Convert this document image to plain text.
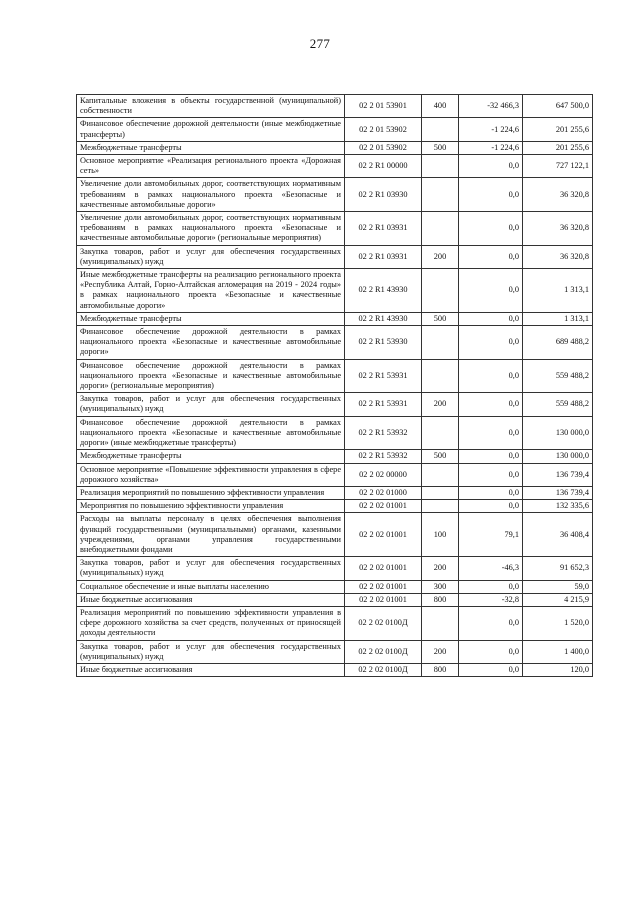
277
Капитальные вложения в объекты государственной (муниципальной) собственности	02 2 01 53901	400	-32 466,3	647 500,0
Финансовое обеспечение дорожной деятельности (иные межбюджетные трансферты)	02 2 01 53902		-1 224,6	201 255,6
Межбюджетные трансферты	02 2 01 53902	500	-1 224,6	201 255,6
Основное мероприятие «Реализация регионального проекта «Дорожная сеть»	02 2 R1 00000		0,0	727 122,1
Увеличение доли автомобильных дорог, соответствующих нормативным требованиям в рамках национального проекта «Безопасные и качественные автомобильные дороги»	02 2 R1 03930		0,0	36 320,8
Увеличение доли автомобильных дорог, соответствующих нормативным требованиям в рамках национального проекта «Безопасные и качественные автомобильные дороги» (региональные мероприятия)	02 2 R1 03931		0,0	36 320,8
Закупка товаров, работ и услуг для обеспечения государственных (муниципальных) нужд	02 2 R1 03931	200	0,0	36 320,8
Иные межбюджетные трансферты на реализацию регионального проекта «Республика Алтай, Горно-Алтайская агломерация на 2019 - 2024 годы» в рамках национального проекта «Безопасные и качественные автомобильные дороги»	02 2 R1 43930		0,0	1 313,1
Межбюджетные трансферты	02 2 R1 43930	500	0,0	1 313,1
Финансовое обеспечение дорожной деятельности в рамках национального проекта «Безопасные и качественные автомобильные дороги»	02 2 R1 53930		0,0	689 488,2
Финансовое обеспечение дорожной деятельности в рамках национального проекта «Безопасные и качественные автомобильные дороги» (региональные мероприятия)	02 2 R1 53931		0,0	559 488,2
Закупка товаров, работ и услуг для обеспечения государственных (муниципальных) нужд	02 2 R1 53931	200	0,0	559 488,2
Финансовое обеспечение дорожной деятельности в рамках национального проекта «Безопасные и качественные автомобильные дороги» (иные межбюджетные трансферты)	02 2 R1 53932		0,0	130 000,0
Межбюджетные трансферты	02 2 R1 53932	500	0,0	130 000,0
Основное мероприятие «Повышение эффективности управления в сфере дорожного хозяйства»	02 2 02 00000		0,0	136 739,4
Реализация мероприятий по повышению эффективности управления	02 2 02 01000		0,0	136 739,4
Мероприятия по повышению эффективности управления	02 2 02 01001		0,0	132 335,6
Расходы на выплаты персоналу в целях обеспечения выполнения функций государственными (муниципальными) органами, казенными учреждениями, органами управления государственными внебюджетными фондами	02 2 02 01001	100	79,1	36 408,4
Закупка товаров, работ и услуг для обеспечения государственных (муниципальных) нужд	02 2 02 01001	200	-46,3	91 652,3
Социальное обеспечение и иные выплаты населению	02 2 02 01001	300	0,0	59,0
Иные бюджетные ассигнования	02 2 02 01001	800	-32,8	4 215,9
Реализация мероприятий по повышению эффективности управления в сфере дорожного хозяйства за счет средств, полученных от приносящей доходы деятельности	02 2 02 0100Д		0,0	1 520,0
Закупка товаров, работ и услуг для обеспечения государственных (муниципальных) нужд	02 2 02 0100Д	200	0,0	1 400,0
Иные бюджетные ассигнования	02 2 02 0100Д	800	0,0	120,0
